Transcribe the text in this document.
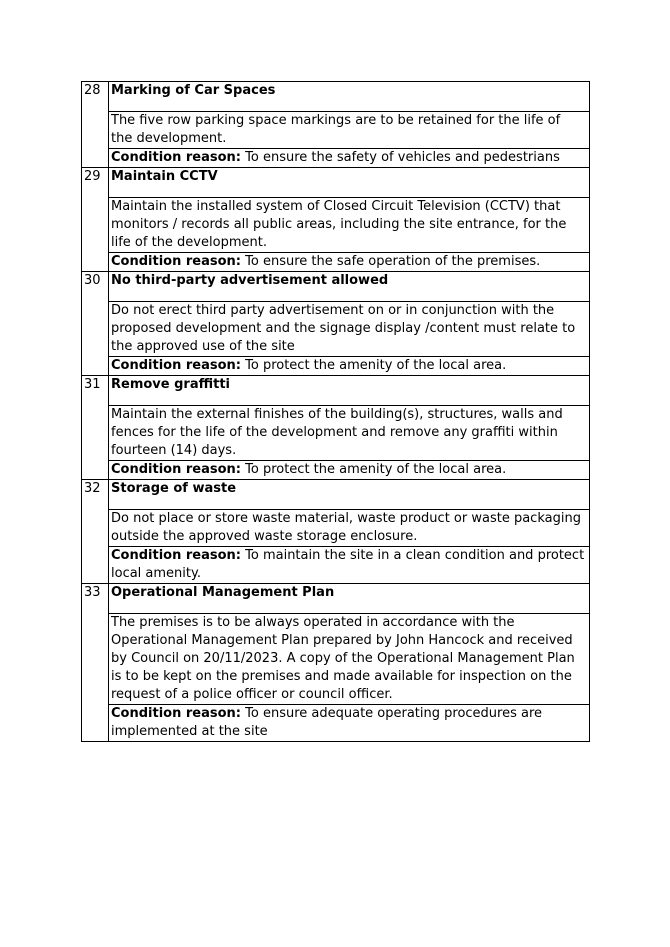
28	Marking of Car Spaces
	The five row parking space markings are to be retained for the life of the development.
	Condition reason: To ensure the safety of vehicles and pedestrians
29	Maintain CCTV
	Maintain the installed system of Closed Circuit Television (CCTV) that monitors / records all public areas, including the site entrance, for the life of the development.
	Condition reason: To ensure the safe operation of the premises.
30	No third-party advertisement allowed
	Do not erect third party advertisement on or in conjunction with the proposed development and the signage display /content must relate to the approved use of the site
	Condition reason: To protect the amenity of the local area.
31	Remove graffitti
	Maintain the external finishes of the building(s), structures, walls and fences for the life of the development and remove any graffiti within fourteen (14) days.
	Condition reason: To protect the amenity of the local area.
32	Storage of waste
	Do not place or store waste material, waste product or waste packaging outside the approved waste storage enclosure.
	Condition reason: To maintain the site in a clean condition and protect local amenity.
33	Operational Management Plan
	The premises is to be always operated in accordance with the Operational Management Plan prepared by John Hancock and received by Council on 20/11/2023. A copy of the Operational Management Plan is to be kept on the premises and made available for inspection on the request of a police officer or council officer.
	Condition reason: To ensure adequate operating procedures are implemented at the site
